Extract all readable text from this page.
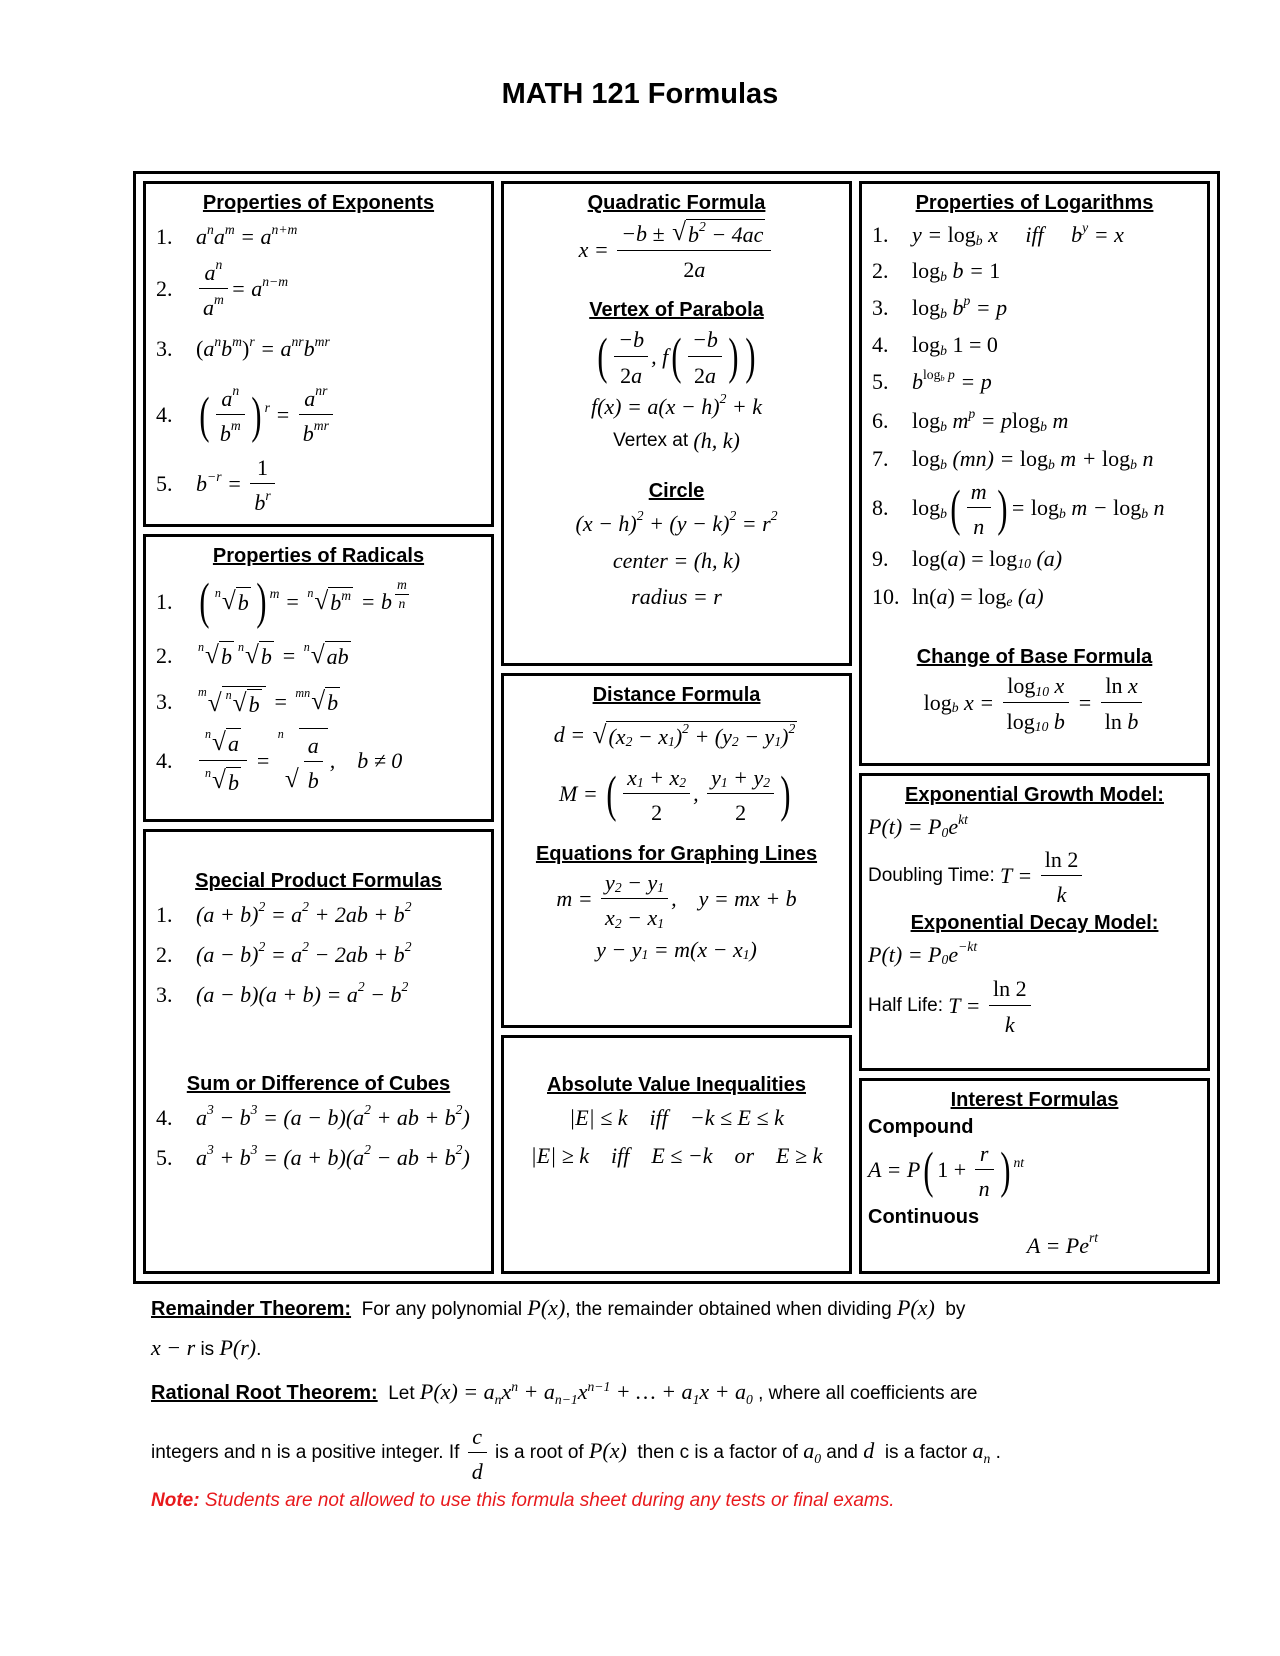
MATH 121 Formulas
Properties of Exponents
1.	a n a m = a n+m
2.	$\frac{\text{a n}}{\text{a m}} = a$ n−m
3.	( a n b m ) r = a nr b mr
4. ( $\frac{\text{a n}}{\text{b m}}$ ) $r = \frac{\text{a nr}}{\text{b mr}}$
5.	$b -r = \frac{1}{\text{b r}}$
Properties of Radicals
1. ( n √ b ) m = n √ b m = b $\frac{m}{n}$
2.	n √ b n √ b = n √ ab
3.	m √ n √ b = mn √ b
4.	$\frac{n √ a}{n √ b}$ =
n
√ $\frac{a}{b}$ ,    b ≠ 0
Special Product Formulas
1.	(a + b) 2 = a 2 + 2ab + b 2
2.	(a − b) 2 = a 2 − 2ab + b 2
3.	(a − b)(a + b) = a 2 − b 2
Sum or Difference of Cubes
4.	a 3 − b 3 = (a − b)(a 2 + ab + b 2 )
5.	a 3 + b 3 = (a + b)(a 2 − ab + b 2 )
Quadratic Formula
$x = \frac{-b \pm √ b 2 - 4ac}{2 a}$
Vertex of Parabola
( $\frac{-b}{2 a}$ , f ( $\frac{-b}{2 a}$ ) )
f(x) = a(x − h) 2 + k
Vertex at (h, k)
Circle
(x − h) 2 + (y − k) 2 = r 2
center = (h, k)
radius = r
Distance Formula
d = √ (x 2 − x 1 ) 2 + (y 2 − y 1 ) 2
M = ( $\frac{x 1 + x 2}{2}$ , $\frac{y 1 + y 2}{2}$ )
Equations for Graphing Lines
$m = \frac{y 2 - y 1}{x 2 - x 1}$ ,    y = mx + b
y − y 1 = m(x − x 1 )
Absolute Value Inequalities
|E| ≤ k    iff    −k ≤ E ≤ k
|E| ≥ k    iff    E ≤ −k    or    E ≥ k
Properties of Logarithms
1.	y = log b x     iff     b y = x
2.	log b b = 1
3.	log b b p = p
4.	log b 1 = 0
5.	b log b p = p
6.	log b m p = p log b m
7.	log b (mn) = log b m + log b n
8.	log b ( $\frac{m}{n}$ ) = log b m − log b n
9.	log( a ) = log 10 (a)
10. ln( a ) = log e (a)
Change of Base Formula
log b $x = \frac{\log 10 x}{\log 10 b} = \frac{\text{ln x}}{\text{ln b}}$
Exponential Growth Model:
P(t) = P 0 e kt
Doubling Time: $T = \frac{\ln 2}{k}$
Exponential Decay Model:
P(t) = P 0 e −kt
Half Life: $T = \frac{\ln 2}{k}$
Interest Formulas
Compound
A = P ( $1 + \frac{r}{n}$ ) nt
Continuous
A = Pe rt
Remainder Theorem:  For any polynomial P(x), the remainder obtained when dividing P(x)  by
x − r is P(r).
Rational Root Theorem:  Let P(x) = a n x n + a n−1 x n−1 + … + a 1 x + a 0 , where all coefficients are
integers and n is a positive integer. If $\frac{c}{d}$ is a root of P(x)  then c is a factor of a 0 and d  is a factor a n .
Note: Students are not allowed to use this formula sheet during any tests or final exams.
